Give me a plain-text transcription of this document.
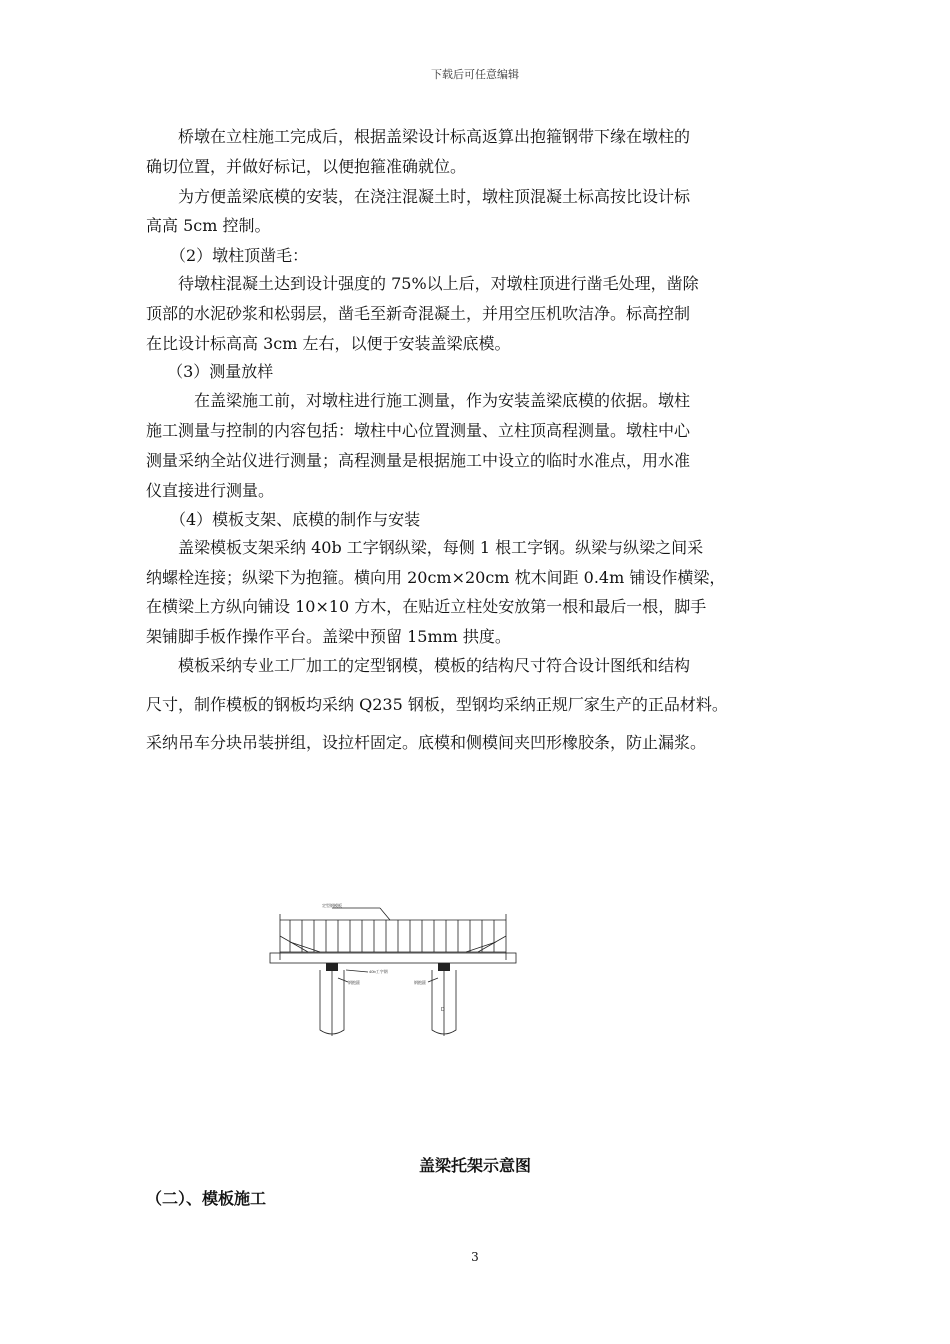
下载后可任意编辑
　　桥墩在立柱施工完成后，根据盖梁设计标高返算出抱箍钢带下缘在墩柱的
确切位置，并做好标记，以便抱箍准确就位。
　　为方便盖梁底模的安装，在浇注混凝土时，墩柱顶混凝土标高按比设计标
高高 5cm 控制。
　　（2）墩柱顶凿毛：
　　待墩柱混凝土达到设计强度的 75%以上后，对墩柱顶进行凿毛处理，凿除
顶部的水泥砂浆和松弱层，凿毛至新奇混凝土，并用空压机吹洁净。标高控制
在比设计标高高 3cm 左右，以便于安装盖梁底模。
　 （3）测量放样
　　　在盖梁施工前，对墩柱进行施工测量，作为安装盖梁底模的依据。墩柱
施工测量与控制的内容包括：墩柱中心位置测量、立柱顶高程测量。墩柱中心
测量采纳全站仪进行测量；高程测量是根据施工中设立的临时水准点，用水准
仪直接进行测量。
　　（4）模板支架、底模的制作与安装
　　盖梁模板支架采纳 40b 工字钢纵梁，每侧 1 根工字钢。纵梁与纵梁之间采
纳螺栓连接；纵梁下为抱箍。横向用 20cm×20cm 枕木间距 0.4m 铺设作横梁，
在横梁上方纵向铺设 10×10 方木，在贴近立柱处安放第一根和最后一根，脚手
架铺脚手板作操作平台。盖梁中预留 15mm 拱度。
　　模板采纳专业工厂加工的定型钢模，模板的结构尺寸符合设计图纸和结构
尺寸，制作模板的钢板均采纳 Q235 钢板，型钢均采纳正规厂家生产的正品材料。
采纳吊车分块吊装拼组，设拉杆固定。底模和侧模间夹凹形橡胶条，防止漏浆。
定型钢模板
40b工字钢
钢抱箍	钢抱箍
D
盖梁托架示意图
（二）、模板施工
3
